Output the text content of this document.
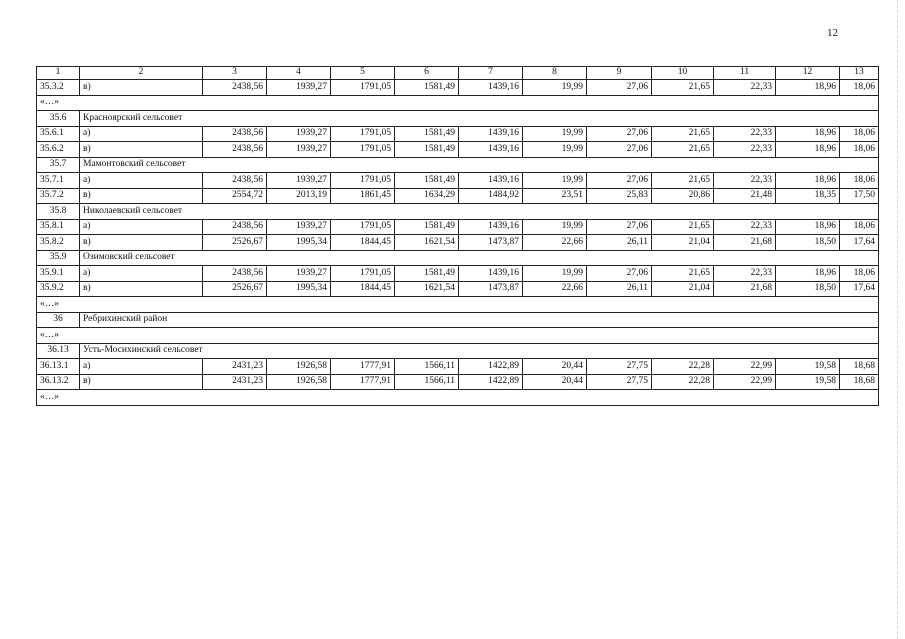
12
1	2	3	4	5	6	7	8	9	10	11	12	13
35.3.2	в)	2438,56	1939,27	1791,05	1581,49	1439,16	19,99	27,06	21,65	22,33	18,96	18,06
«…»												
35.6	Краснoярский сельсовет											
35.6.1	а)	2438,56	1939,27	1791,05	1581,49	1439,16	19,99	27,06	21,65	22,33	18,96	18,06
35.6.2	в)	2438,56	1939,27	1791,05	1581,49	1439,16	19,99	27,06	21,65	22,33	18,96	18,06
35.7	Мамонтовский сельсовет											
35.7.1	а)	2438,56	1939,27	1791,05	1581,49	1439,16	19,99	27,06	21,65	22,33	18,96	18,06
35.7.2	в)	2554,72	2013,19	1861,45	1634,29	1484,92	23,51	25,83	20,86	21,48	18,35	17,50
35.8	Николаевский сельсовет											
35.8.1	а)	2438,56	1939,27	1791,05	1581,49	1439,16	19,99	27,06	21,65	22,33	18,96	18,06
35.8.2	в)	2526,67	1995,34	1844,45	1621,54	1473,87	22,66	26,11	21,04	21,68	18,50	17,64
35.9	Озимовский сельсовет											
35.9.1	а)	2438,56	1939,27	1791,05	1581,49	1439,16	19,99	27,06	21,65	22,33	18,96	18,06
35.9.2	в)	2526,67	1995,34	1844,45	1621,54	1473,87	22,66	26,11	21,04	21,68	18,50	17,64
«…»												
36	Ребрихинский район											
«…»												
36.13	Усть-Мосихинский сельсовет											
36.13.1	а)	2431,23	1926,58	1777,91	1566,11	1422,89	20,44	27,75	22,28	22,99	19,58	18,68
36.13.2	в)	2431,23	1926,58	1777,91	1566,11	1422,89	20,44	27,75	22,28	22,99	19,58	18,68
«…»												
